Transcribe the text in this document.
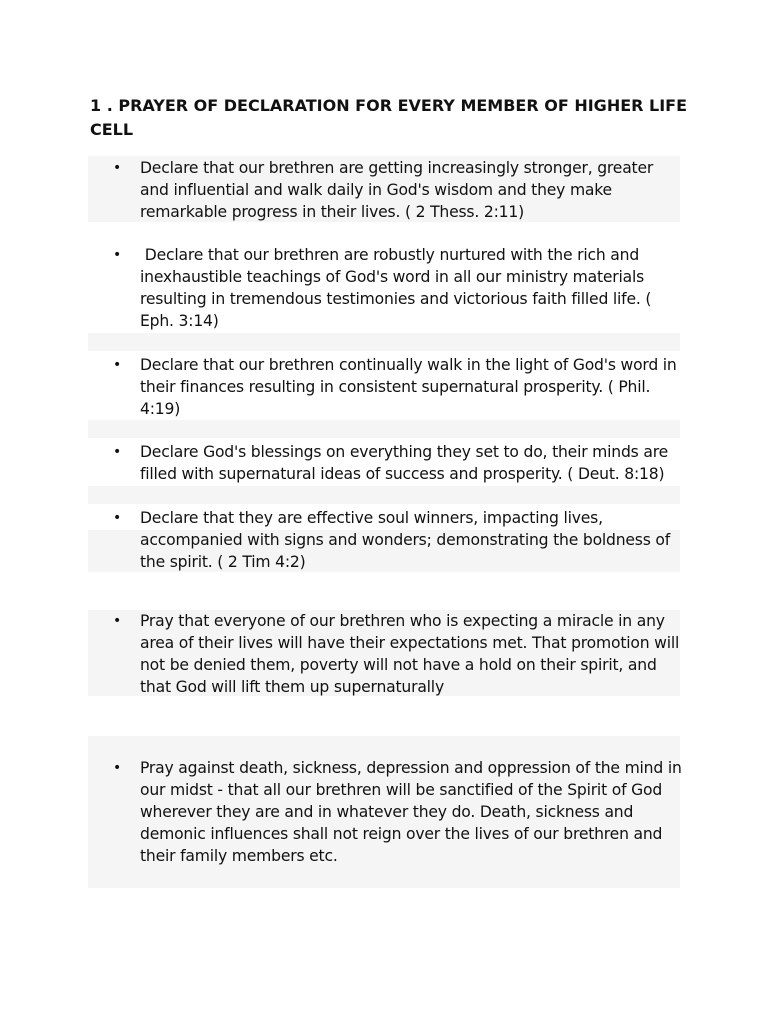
1 . PRAYER OF DECLARATION FOR EVERY MEMBER OF HIGHER LIFE CELL
•	Declare that our brethren are getting increasingly stronger, greater and influential and walk daily in God's wisdom and they make remarkable progress in their lives. ( 2 Thess. 2:11)
•	Declare that our brethren are robustly nurtured with the rich and inexhaustible teachings of God's word in all our ministry materials resulting in tremendous testimonies and victorious faith filled life. ( Eph. 3:14)
•	Declare that our brethren continually walk in the light of God's word in their finances resulting in consistent supernatural prosperity. ( Phil. 4:19)
•	Declare God's blessings on everything they set to do, their minds are filled with supernatural ideas of success and prosperity. ( Deut. 8:18)
•	Declare that they are effective soul winners, impacting lives, accompanied with signs and wonders; demonstrating the boldness of the spirit. ( 2 Tim 4:2)
•	Pray that everyone of our brethren who is expecting a miracle in any area of their lives will have their expectations met. That promotion will not be denied them, poverty will not have a hold on their spirit, and that God will lift them up supernaturally
•	Pray against death, sickness, depression and oppression of the mind in our midst - that all our brethren will be sanctified of the Spirit of God wherever they are and in whatever they do. Death, sickness and demonic influences shall not reign over the lives of our brethren and their family members etc.
